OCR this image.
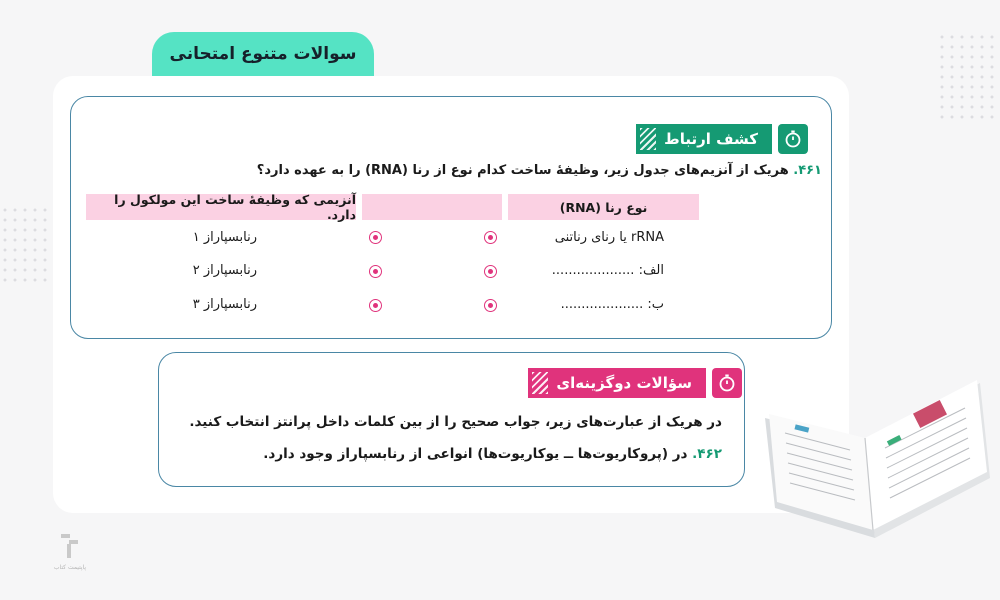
سوالات متنوع امتحانی
کشف ارتباط
۴۶۱. هریک از آنزیم‌های جدول زیر، وظیفهٔ ساخت کدام نوع از رنا (RNA) را به عهده دارد؟
نوع رنا (RNA)
آنزیمی که وظیفهٔ ساخت این مولکول را دارد.
rRNA یا رنای رناتنی
رنابسپاراز ۱
الف: ....................
رنابسپاراز ۲
ب: ....................
رنابسپاراز ۳
سؤالات دوگزینه‌ای
در هریک از عبارت‌های زیر، جواب صحیح را از بین کلمات داخل پرانتز انتخاب کنید.
۴۶۲. در (پروکاریوت‌ها ــ یوکاریوت‌ها) انواعی از رنابسپاراز وجود دارد.
پاپتیمت کتاب
